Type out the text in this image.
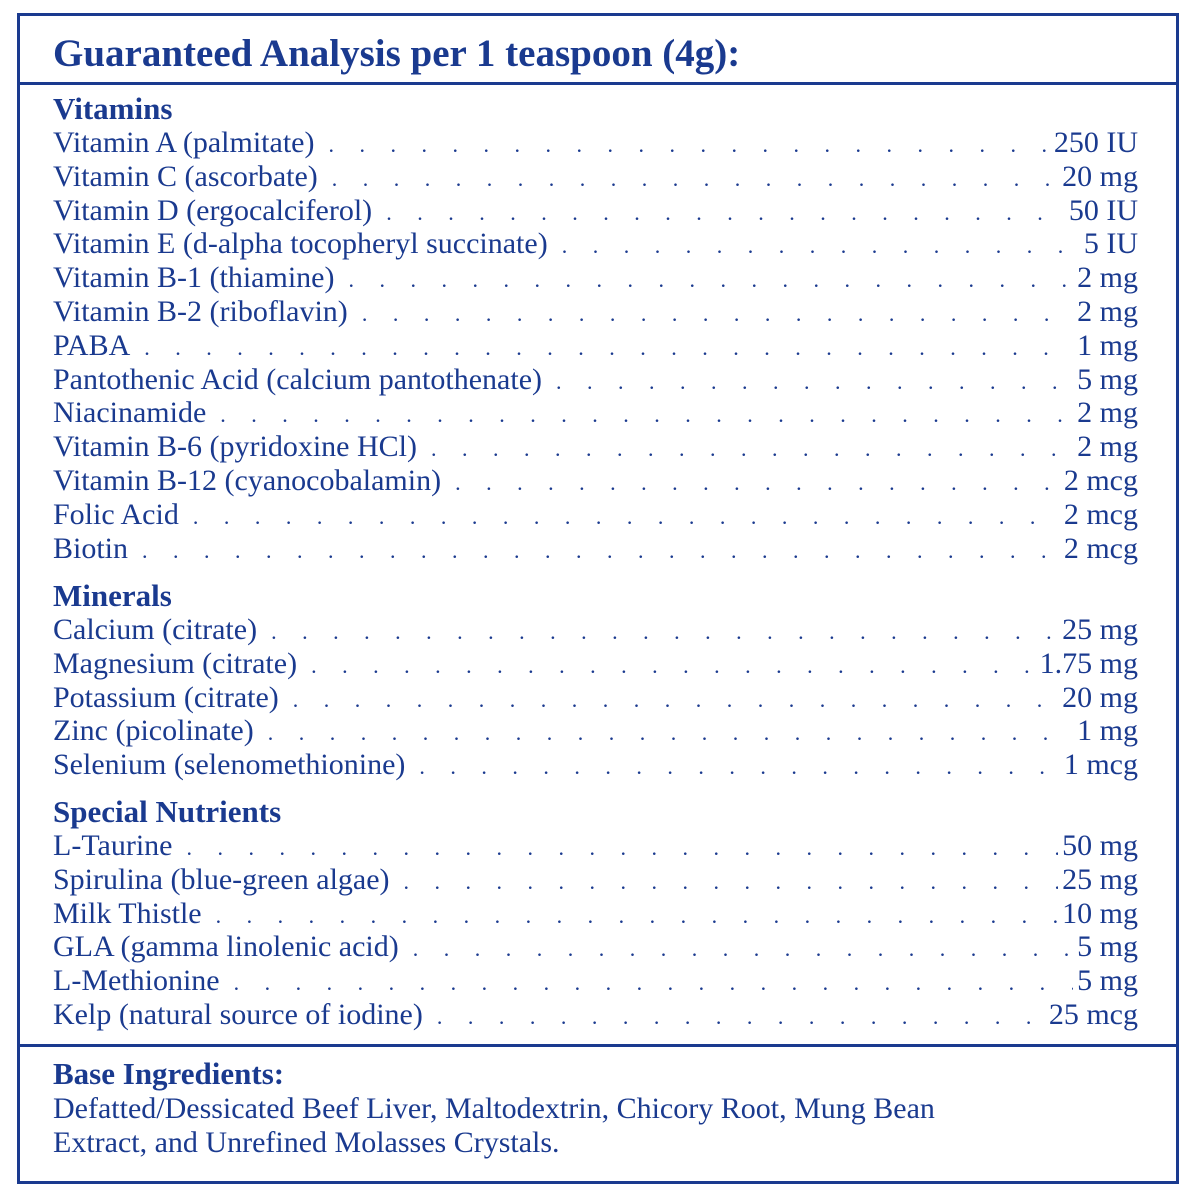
Guaranteed Analysis per 1 teaspoon (4g):
Vitamins
Vitamin A (palmitate) . . .	250 IU
Vitamin C (ascorbate) . . .	20 mg
Vitamin D (ergocalciferol) . . .	50 IU
Vitamin E (d-alpha tocopheryl succinate) . . .	5 IU
Vitamin B-1 (thiamine) . . .	2 mg
Vitamin B-2 (riboflavin) . . .	2 mg
PABA . . .	1 mg
Pantothenic Acid (calcium pantothenate) . . .	5 mg
Niacinamide . . .	2 mg
Vitamin B-6 (pyridoxine HCl) . . .	2 mg
Vitamin B-12 (cyanocobalamin) . . .	2 mcg
Folic Acid . . .	2 mcg
Biotin . . .	2 mcg
Minerals
Calcium (citrate) . . .	25 mg
Magnesium (citrate) . . .	1.75 mg
Potassium (citrate) . . .	20 mg
Zinc (picolinate) . . .	1 mg
Selenium (selenomethionine) . . .	1 mcg
Special Nutrients
L-Taurine . . .	50 mg
Spirulina (blue-green algae) . . .	25 mg
Milk Thistle . . .	10 mg
GLA (gamma linolenic acid) . . .	5 mg
L-Methionine . . .	5 mg
Kelp (natural source of iodine) . . .	25 mcg
Base Ingredients:
Defatted/Dessicated Beef Liver, Maltodextrin, Chicory Root, Mung Bean Extract, and Unrefined Molasses Crystals.
